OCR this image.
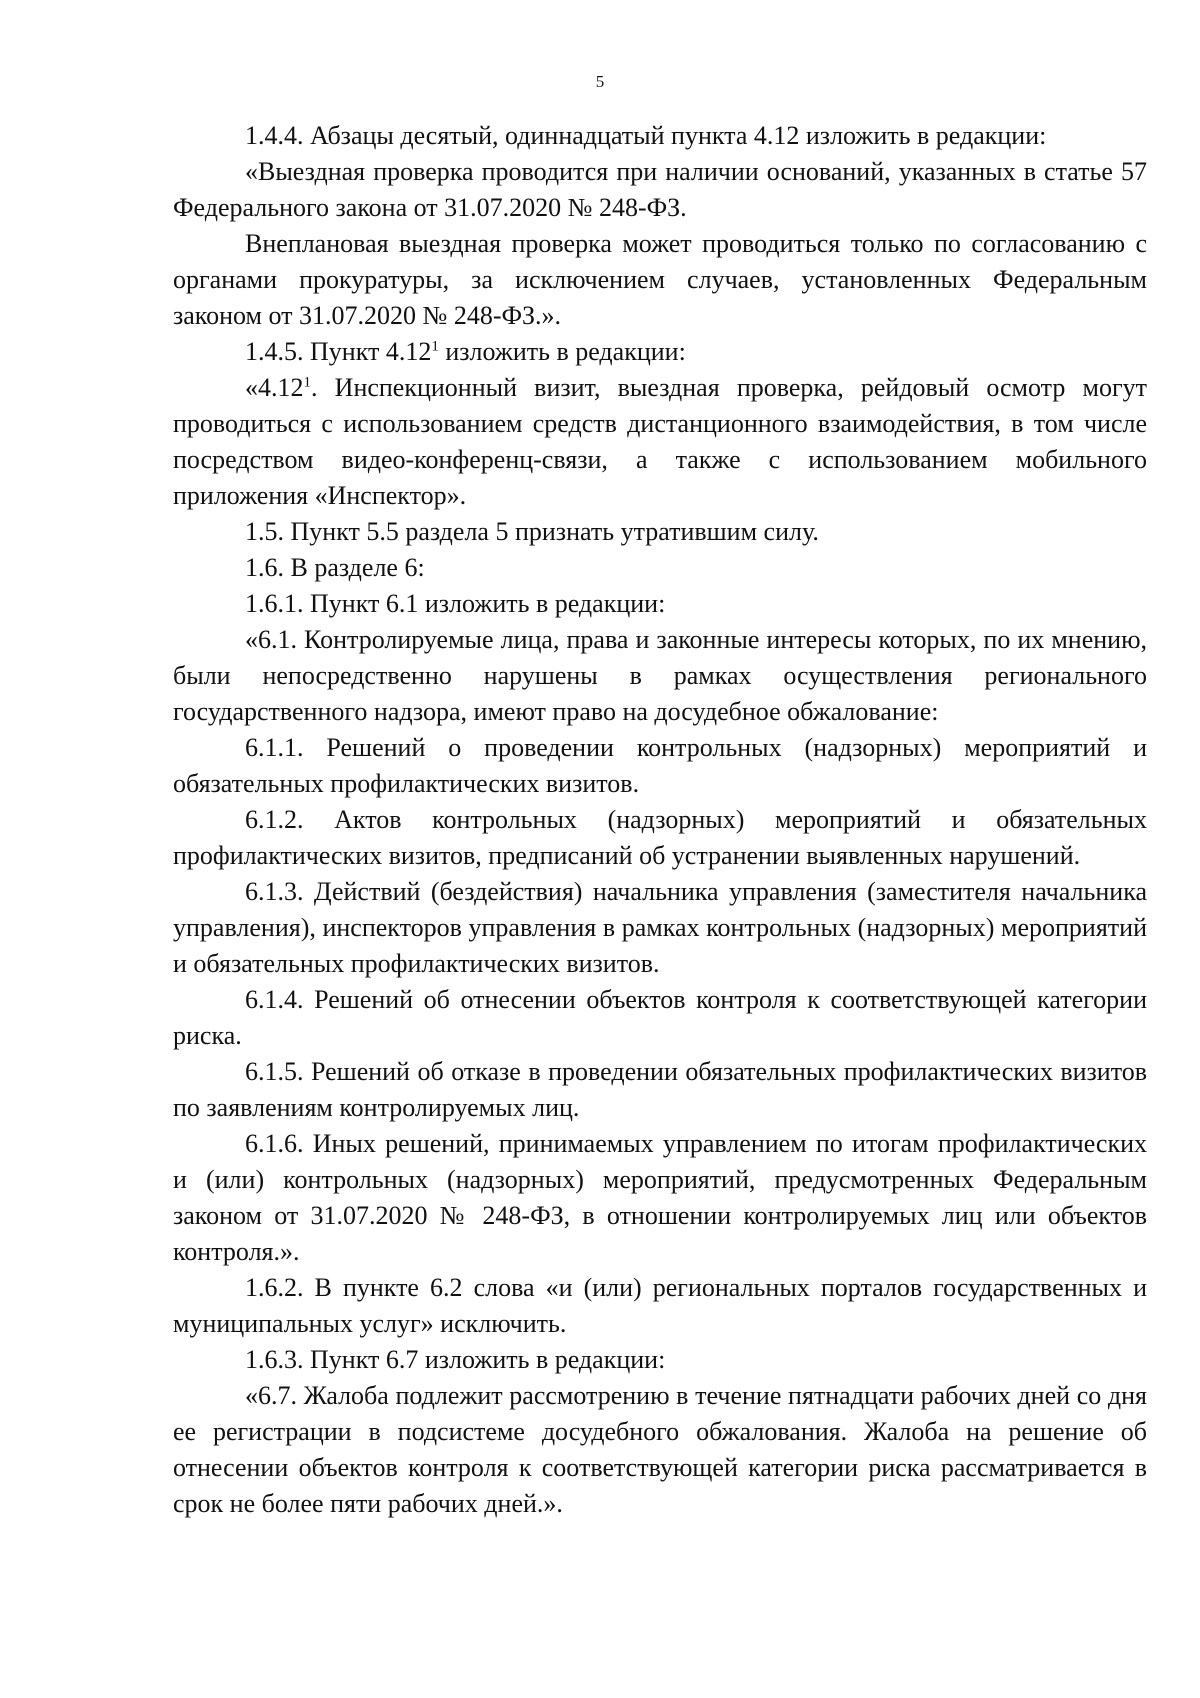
5

1.4.4. Абзацы десятый, одиннадцатый пункта 4.12 изложить в редакции:

«Выездная проверка проводится при наличии оснований, указанных в статье 57 Федерального закона от 31.07.2020 № 248-ФЗ.

Внеплановая выездная проверка может проводиться только по согласованию с органами прокуратуры, за исключением случаев, установленных Федеральным законом от 31.07.2020 № 248-ФЗ.».

1.4.5. Пункт 4.12$^1$ изложить в редакции:

«4.12$^1$. Инспекционный визит, выездная проверка, рейдовый осмотр могут проводиться с использованием средств дистанционного взаимодействия, в том числе посредством видео-конференц-связи, а также с использованием мобильного приложения «Инспектор».

1.5. Пункт 5.5 раздела 5 признать утратившим силу.

1.6. В разделе 6:

1.6.1. Пункт 6.1 изложить в редакции:

«6.1. Контролируемые лица, права и законные интересы которых, по их мнению, были непосредственно нарушены в рамках осуществления регионального государственного надзора, имеют право на досудебное обжалование:

6.1.1. Решений о проведении контрольных (надзорных) мероприятий и обязательных профилактических визитов.

6.1.2. Актов контрольных (надзорных) мероприятий и обязательных профилактических визитов, предписаний об устранении выявленных нарушений.

6.1.3. Действий (бездействия) начальника управления (заместителя начальника управления), инспекторов управления в рамках контрольных (надзорных) мероприятий и обязательных профилактических визитов.

6.1.4. Решений об отнесении объектов контроля к соответствующей категории риска.

6.1.5. Решений об отказе в проведении обязательных профилактических визитов по заявлениям контролируемых лиц.

6.1.6. Иных решений, принимаемых управлением по итогам профилактических и (или) контрольных (надзорных) мероприятий, предусмотренных Федеральным законом от 31.07.2020 № 248-ФЗ, в отношении контролируемых лиц или объектов контроля.».

1.6.2. В пункте 6.2 слова «и (или) региональных порталов государственных и муниципальных услуг» исключить.

1.6.3. Пункт 6.7 изложить в редакции:

«6.7. Жалоба подлежит рассмотрению в течение пятнадцати рабочих дней со дня ее регистрации в подсистеме досудебного обжалования. Жалоба на решение об отнесении объектов контроля к соответствующей категории риска рассматривается в срок не более пяти рабочих дней.».
